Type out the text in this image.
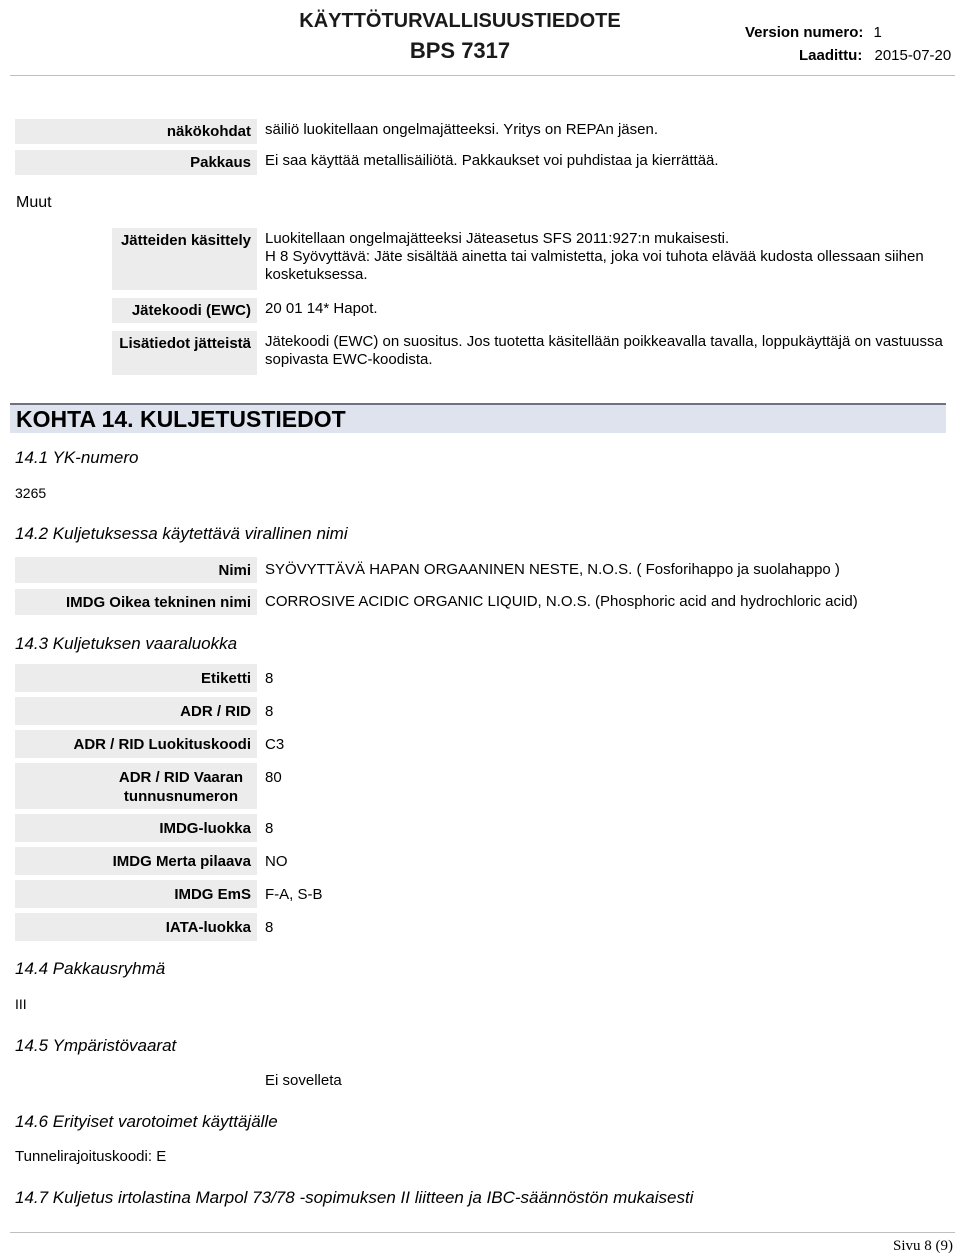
KÄYTTÖTURVALLISUUSTIEDOTE
BPS 7317
Version numero: 1
Laadittu: 2015-07-20
näkökohdat säiliö luokitellaan ongelmajätteeksi. Yritys on REPAn jäsen.
Pakkaus Ei saa käyttää metallisäiliötä. Pakkaukset voi puhdistaa ja kierrättää.
Muut
Jätteiden käsittely Luokitellaan ongelmajätteeksi Jäteasetus SFS 2011:927:n mukaisesti.
H 8 Syövyttävä: Jäte sisältää ainetta tai valmistetta, joka voi tuhota elävää kudosta ollessaan siihen kosketuksessa.
Jätekoodi (EWC) 20 01 14* Hapot.
Lisätiedot jätteistä Jätekoodi (EWC) on suositus. Jos tuotetta käsitellään poikkeavalla tavalla, loppukäyttäjä on vastuussa sopivasta EWC-koodista.
KOHTA 14. KULJETUSTIEDOT
14.1 YK-numero
3265
14.2 Kuljetuksessa käytettävä virallinen nimi
Nimi SYÖVYTTÄVÄ HAPAN ORGAANINEN NESTE, N.O.S. ( Fosforihappo ja suolahappo )
IMDG Oikea tekninen nimi CORROSIVE ACIDIC ORGANIC LIQUID, N.O.S. (Phosphoric acid and hydrochloric acid)
14.3 Kuljetuksen vaaraluokka
Etiketti 8
ADR / RID 8
ADR / RID Luokituskoodi C3
ADR / RID Vaaran tunnusnumeron
80
IMDG-luokka 8
IMDG Merta pilaava NO
IMDG EmS F-A, S-B
IATA-luokka 8
14.4 Pakkausryhmä
III
14.5 Ympäristövaarat
Ei sovelleta
14.6 Erityiset varotoimet käyttäjälle
Tunnelirajoituskoodi: E
14.7 Kuljetus irtolastina Marpol 73/78 -sopimuksen II liitteen ja IBC-säännöstön mukaisesti
Sivu 8 (9)
